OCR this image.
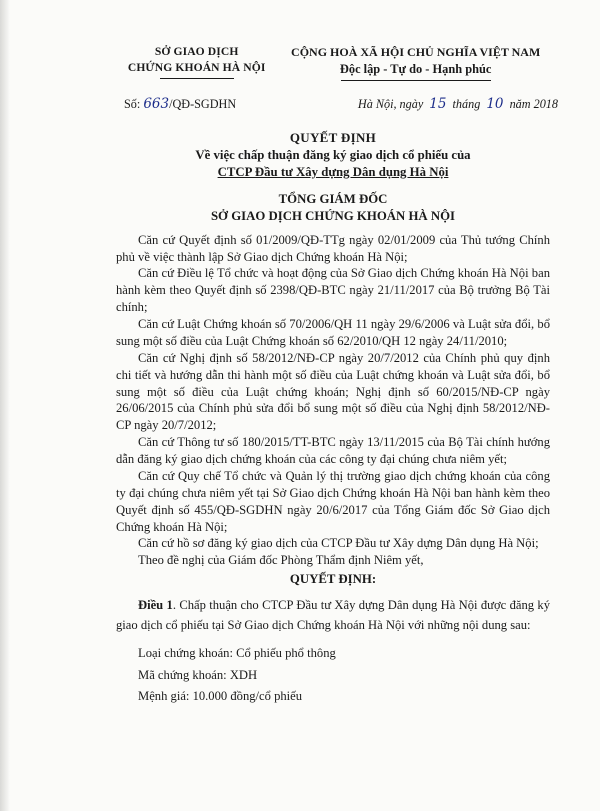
SỞ GIAO DỊCH
CHỨNG KHOÁN HÀ NỘI
CỘNG HOÀ XÃ HỘI CHỦ NGHĨA VIỆT NAM
Độc lập - Tự do - Hạnh phúc
Số: 663/QĐ-SGDHN	Hà Nội, ngày 15 tháng 10 năm 2018
QUYẾT ĐỊNH
Về việc chấp thuận đăng ký giao dịch cổ phiếu của
CTCP Đầu tư Xây dựng Dân dụng Hà Nội
TỔNG GIÁM ĐỐC
SỞ GIAO DỊCH CHỨNG KHOÁN HÀ NỘI

Căn cứ Quyết định số 01/2009/QĐ-TTg ngày 02/01/2009 của Thủ tướng Chính phủ về việc thành lập Sở Giao dịch Chứng khoán Hà Nội;

Căn cứ Điều lệ Tổ chức và hoạt động của Sở Giao dịch Chứng khoán Hà Nội ban hành kèm theo Quyết định số 2398/QĐ-BTC ngày 21/11/2017 của Bộ trưởng Bộ Tài chính;

Căn cứ Luật Chứng khoán số 70/2006/QH 11 ngày 29/6/2006 và Luật sửa đổi, bổ sung một số điều của Luật Chứng khoán số 62/2010/QH 12 ngày 24/11/2010;

Căn cứ Nghị định số 58/2012/NĐ-CP ngày 20/7/2012 của Chính phủ quy định chi tiết và hướng dẫn thi hành một số điều của Luật chứng khoán và Luật sửa đổi, bổ sung một số điều của Luật chứng khoán; Nghị định số 60/2015/NĐ-CP ngày 26/06/2015 của Chính phủ sửa đổi bổ sung một số điều của Nghị định 58/2012/NĐ-CP ngày 20/7/2012;

Căn cứ Thông tư số 180/2015/TT-BTC ngày 13/11/2015 của Bộ Tài chính hướng dẫn đăng ký giao dịch chứng khoán của các công ty đại chúng chưa niêm yết;

Căn cứ Quy chế Tổ chức và Quản lý thị trường giao dịch chứng khoán của công ty đại chúng chưa niêm yết tại Sở Giao dịch Chứng khoán Hà Nội ban hành kèm theo Quyết định số 455/QĐ-SGDHN ngày 20/6/2017 của Tổng Giám đốc Sở Giao dịch Chứng khoán Hà Nội;

Căn cứ hồ sơ đăng ký giao dịch của CTCP Đầu tư Xây dựng Dân dụng Hà Nội;

Theo đề nghị của Giám đốc Phòng Thẩm định Niêm yết,

QUYẾT ĐỊNH:

Điều 1. Chấp thuận cho CTCP Đầu tư Xây dựng Dân dụng Hà Nội được đăng ký giao dịch cổ phiếu tại Sở Giao dịch Chứng khoán Hà Nội với những nội dung sau:

Loại chứng khoán: Cổ phiếu phổ thông
Mã chứng khoán: XDH
Mệnh giá: 10.000 đồng/cổ phiếu
